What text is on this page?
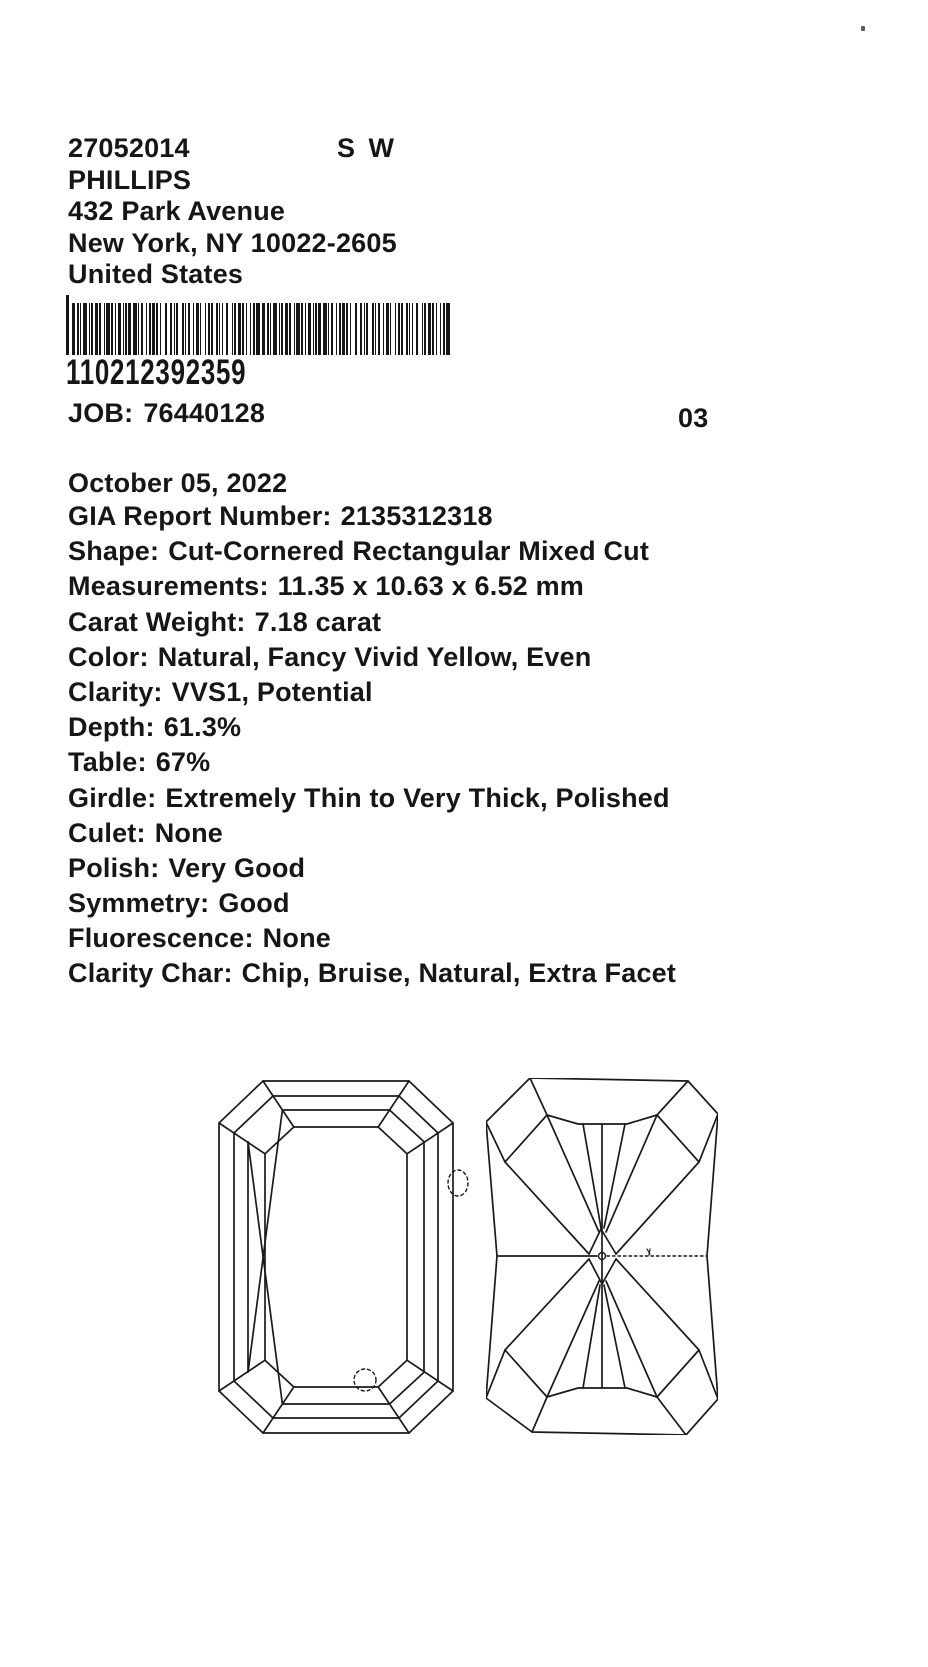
27052014	S W
PHILLIPS
432 Park Avenue
New York, NY 10022-2605
United States
110212392359
JOB: 76440128	03
October 05, 2022
GIA Report Number: 2135312318
Shape: Cut-Cornered Rectangular Mixed Cut
Measurements: 11.35 x 10.63 x 6.52 mm
Carat Weight: 7.18 carat
Color: Natural, Fancy Vivid Yellow, Even
Clarity: VVS1, Potential
Depth: 61.3%
Table: 67%
Girdle: Extremely Thin to Very Thick, Polished
Culet: None
Polish: Very Good
Symmetry: Good
Fluorescence: None
Clarity Char: Chip, Bruise, Natural, Extra Facet
